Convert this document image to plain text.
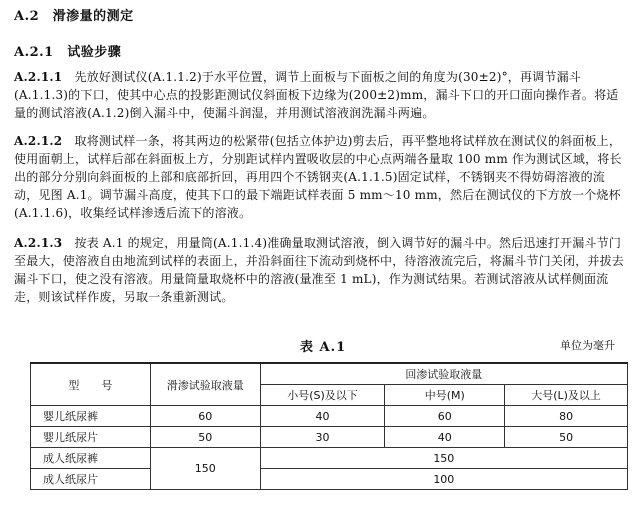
A.2　滑渗量的测定
A.2.1　试验步骤
A.2.1.1　先放好测试仪(A.1.1.2)于水平位置，调节上面板与下面板之间的角度为(30±2)°，再调节漏斗(A.1.1.3)的下口，使其中心点的投影距测试仪斜面板下边缘为(200±2)mm，漏斗下口的开口面向操作者。将适量的测试溶液(A.1.2)倒入漏斗中，使漏斗润湿，并用测试溶液润洗漏斗两遍。
A.2.1.2　取将测试样一条，将其两边的松紧带(包括立体护边)剪去后，再平整地将试样放在测试仪的斜面板上，使用面朝上，试样后部在斜面板上方，分别距试样内置吸收层的中心点两端各量取 100 mm 作为测试区域，将长出的部分分别向斜面板的上部和底部折回，再用四个不锈钢夹(A.1.1.5)固定试样，不锈钢夹不得妨碍溶液的流动，见图 A.1。调节漏斗高度，使其下口的最下端距试样表面 5 mm～10 mm，然后在测试仪的下方放一个烧杯(A.1.1.6)，收集经试样渗透后流下的溶液。
A.2.1.3　按表 A.1 的规定，用量筒(A.1.1.4)准确量取测试溶液，倒入调节好的漏斗中。然后迅速打开漏斗节门至最大，使溶液自由地流到试样的表面上，并沿斜面往下流动到烧杯中，待溶液流完后，将漏斗节门关闭，并拔去漏斗下口，使之没有溶液。用量筒量取烧杯中的溶液(量准至 1 mL)，作为测试结果。若测试溶液从试样侧面流走，则该试样作废，另取一条重新测试。
表 A.1	单位为毫升
型　　号	滑渗试验取液量	回渗试验取液量		
		小号(S)及以下	中号(M)	大号(L)及以上
婴儿纸尿裤	60	40	60	80
婴儿纸尿片	50	30	40	50
成人纸尿裤	150	150		
成人纸尿片		100		
